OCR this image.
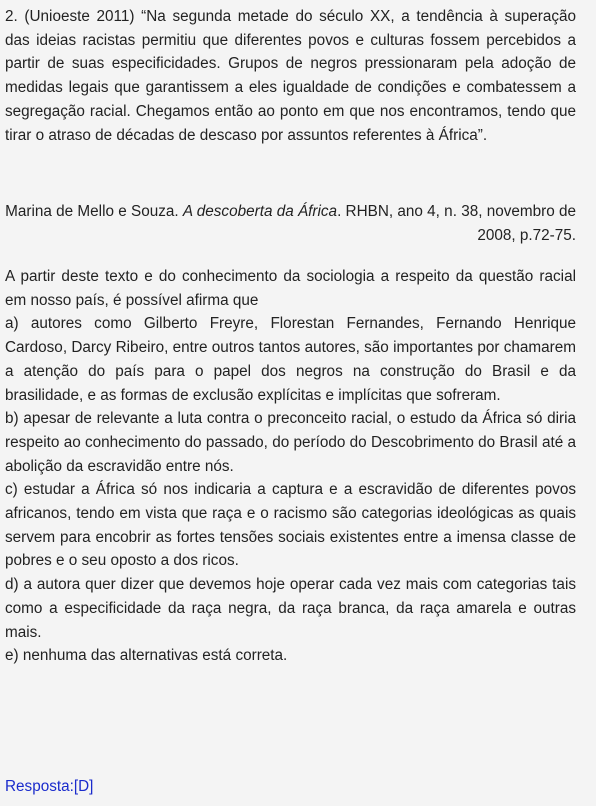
2. (Unioeste 2011) “Na segunda metade do século XX, a tendência à superação das ideias racistas permitiu que diferentes povos e culturas fossem percebidos a partir de suas especificidades. Grupos de negros pressionaram pela adoção de medidas legais que garantissem a eles igualdade de condições e combatessem a segregação racial. Chegamos então ao ponto em que nos encontramos, tendo que tirar o atraso de décadas de descaso por assuntos referentes à África”.

Marina de Mello e Souza. A descoberta da África. RHBN, ano 4, n. 38, novembro de 2008, p.72-75.

A partir deste texto e do conhecimento da sociologia a respeito da questão racial em nosso país, é possível afirma que
a) autores como Gilberto Freyre, Florestan Fernandes, Fernando Henrique Cardoso, Darcy Ribeiro, entre outros tantos autores, são importantes por chamarem a atenção do país para o papel dos negros na construção do Brasil e da brasilidade, e as formas de exclusão explícitas e implícitas que sofreram.
b) apesar de relevante a luta contra o preconceito racial, o estudo da África só diria respeito ao conhecimento do passado, do período do Descobrimento do Brasil até a abolição da escravidão entre nós.
c) estudar a África só nos indicaria a captura e a escravidão de diferentes povos africanos, tendo em vista que raça e o racismo são categorias ideológicas as quais servem para encobrir as fortes tensões sociais existentes entre a imensa classe de pobres e o seu oposto a dos ricos.
d) a autora quer dizer que devemos hoje operar cada vez mais com categorias tais como a especificidade da raça negra, da raça branca, da raça amarela e outras mais.
e) nenhuma das alternativas está correta.

Resposta:[D]
